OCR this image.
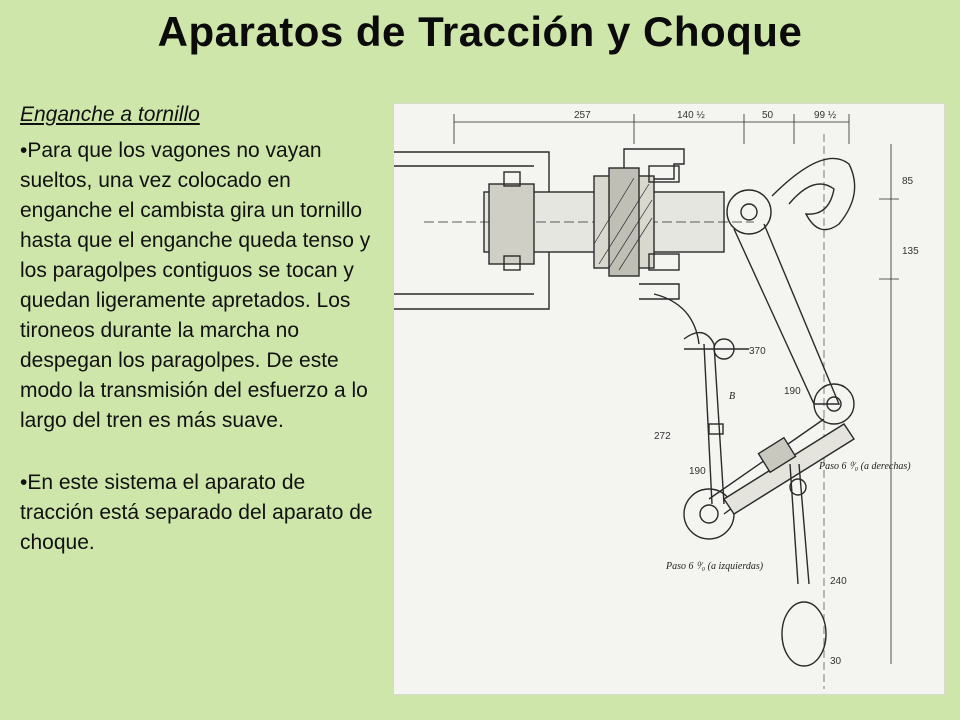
Aparatos de Tracción y Choque
Enganche a tornillo

•Para que los vagones no vayan sueltos, una vez colocado en enganche el cambista gira un tornillo hasta que el enganche queda tenso y los paragolpes contiguos se tocan y quedan ligeramente apretados. Los tironeos durante la marcha no despegan los paragolpes. De este modo la transmisión del esfuerzo a lo largo del tren es más suave.

•En este sistema el aparato de tracción está separado del aparato de choque.

257	140 ½	50	99 ½
85
135
370
190
190
272
240
30
B
Paso 6 ⁰⁄₀ (a derechas)
Paso 6 ⁰⁄₀ (a izquierdas)
